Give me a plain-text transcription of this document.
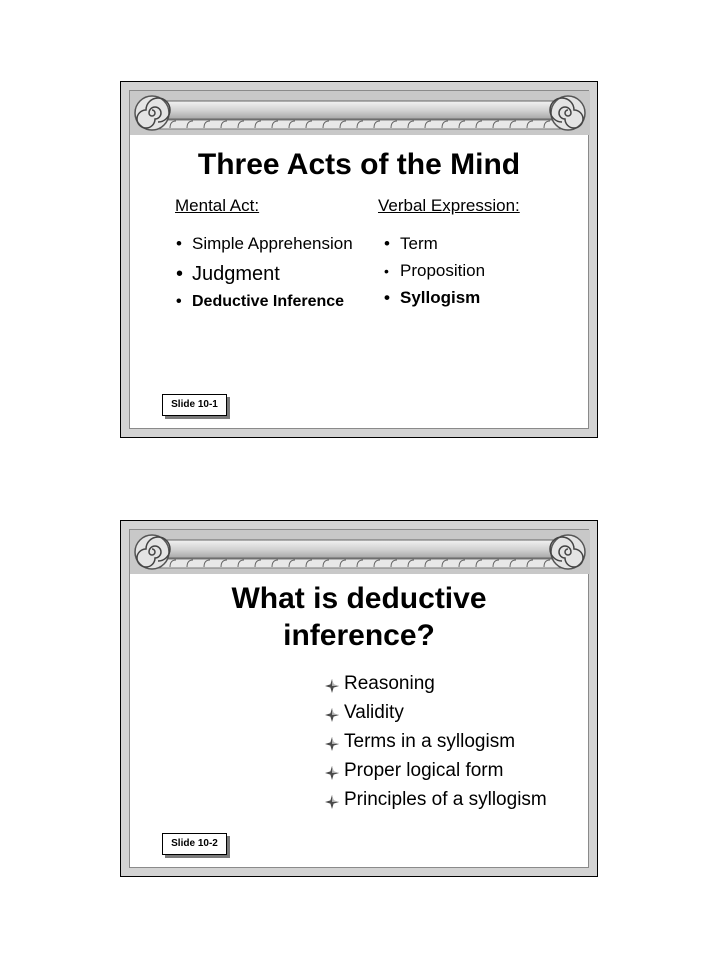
Three Acts of the Mind

Mental Act:	Verbal Expression:

• Simple Apprehension
• Judgment
• Deductive Inference
• Term
• Proposition
• Syllogism
Slide 10-1
What is deductive
inference?
Reasoning
Validity
Terms in a syllogism
Proper logical form
Principles of a syllogism
Slide 10-2
